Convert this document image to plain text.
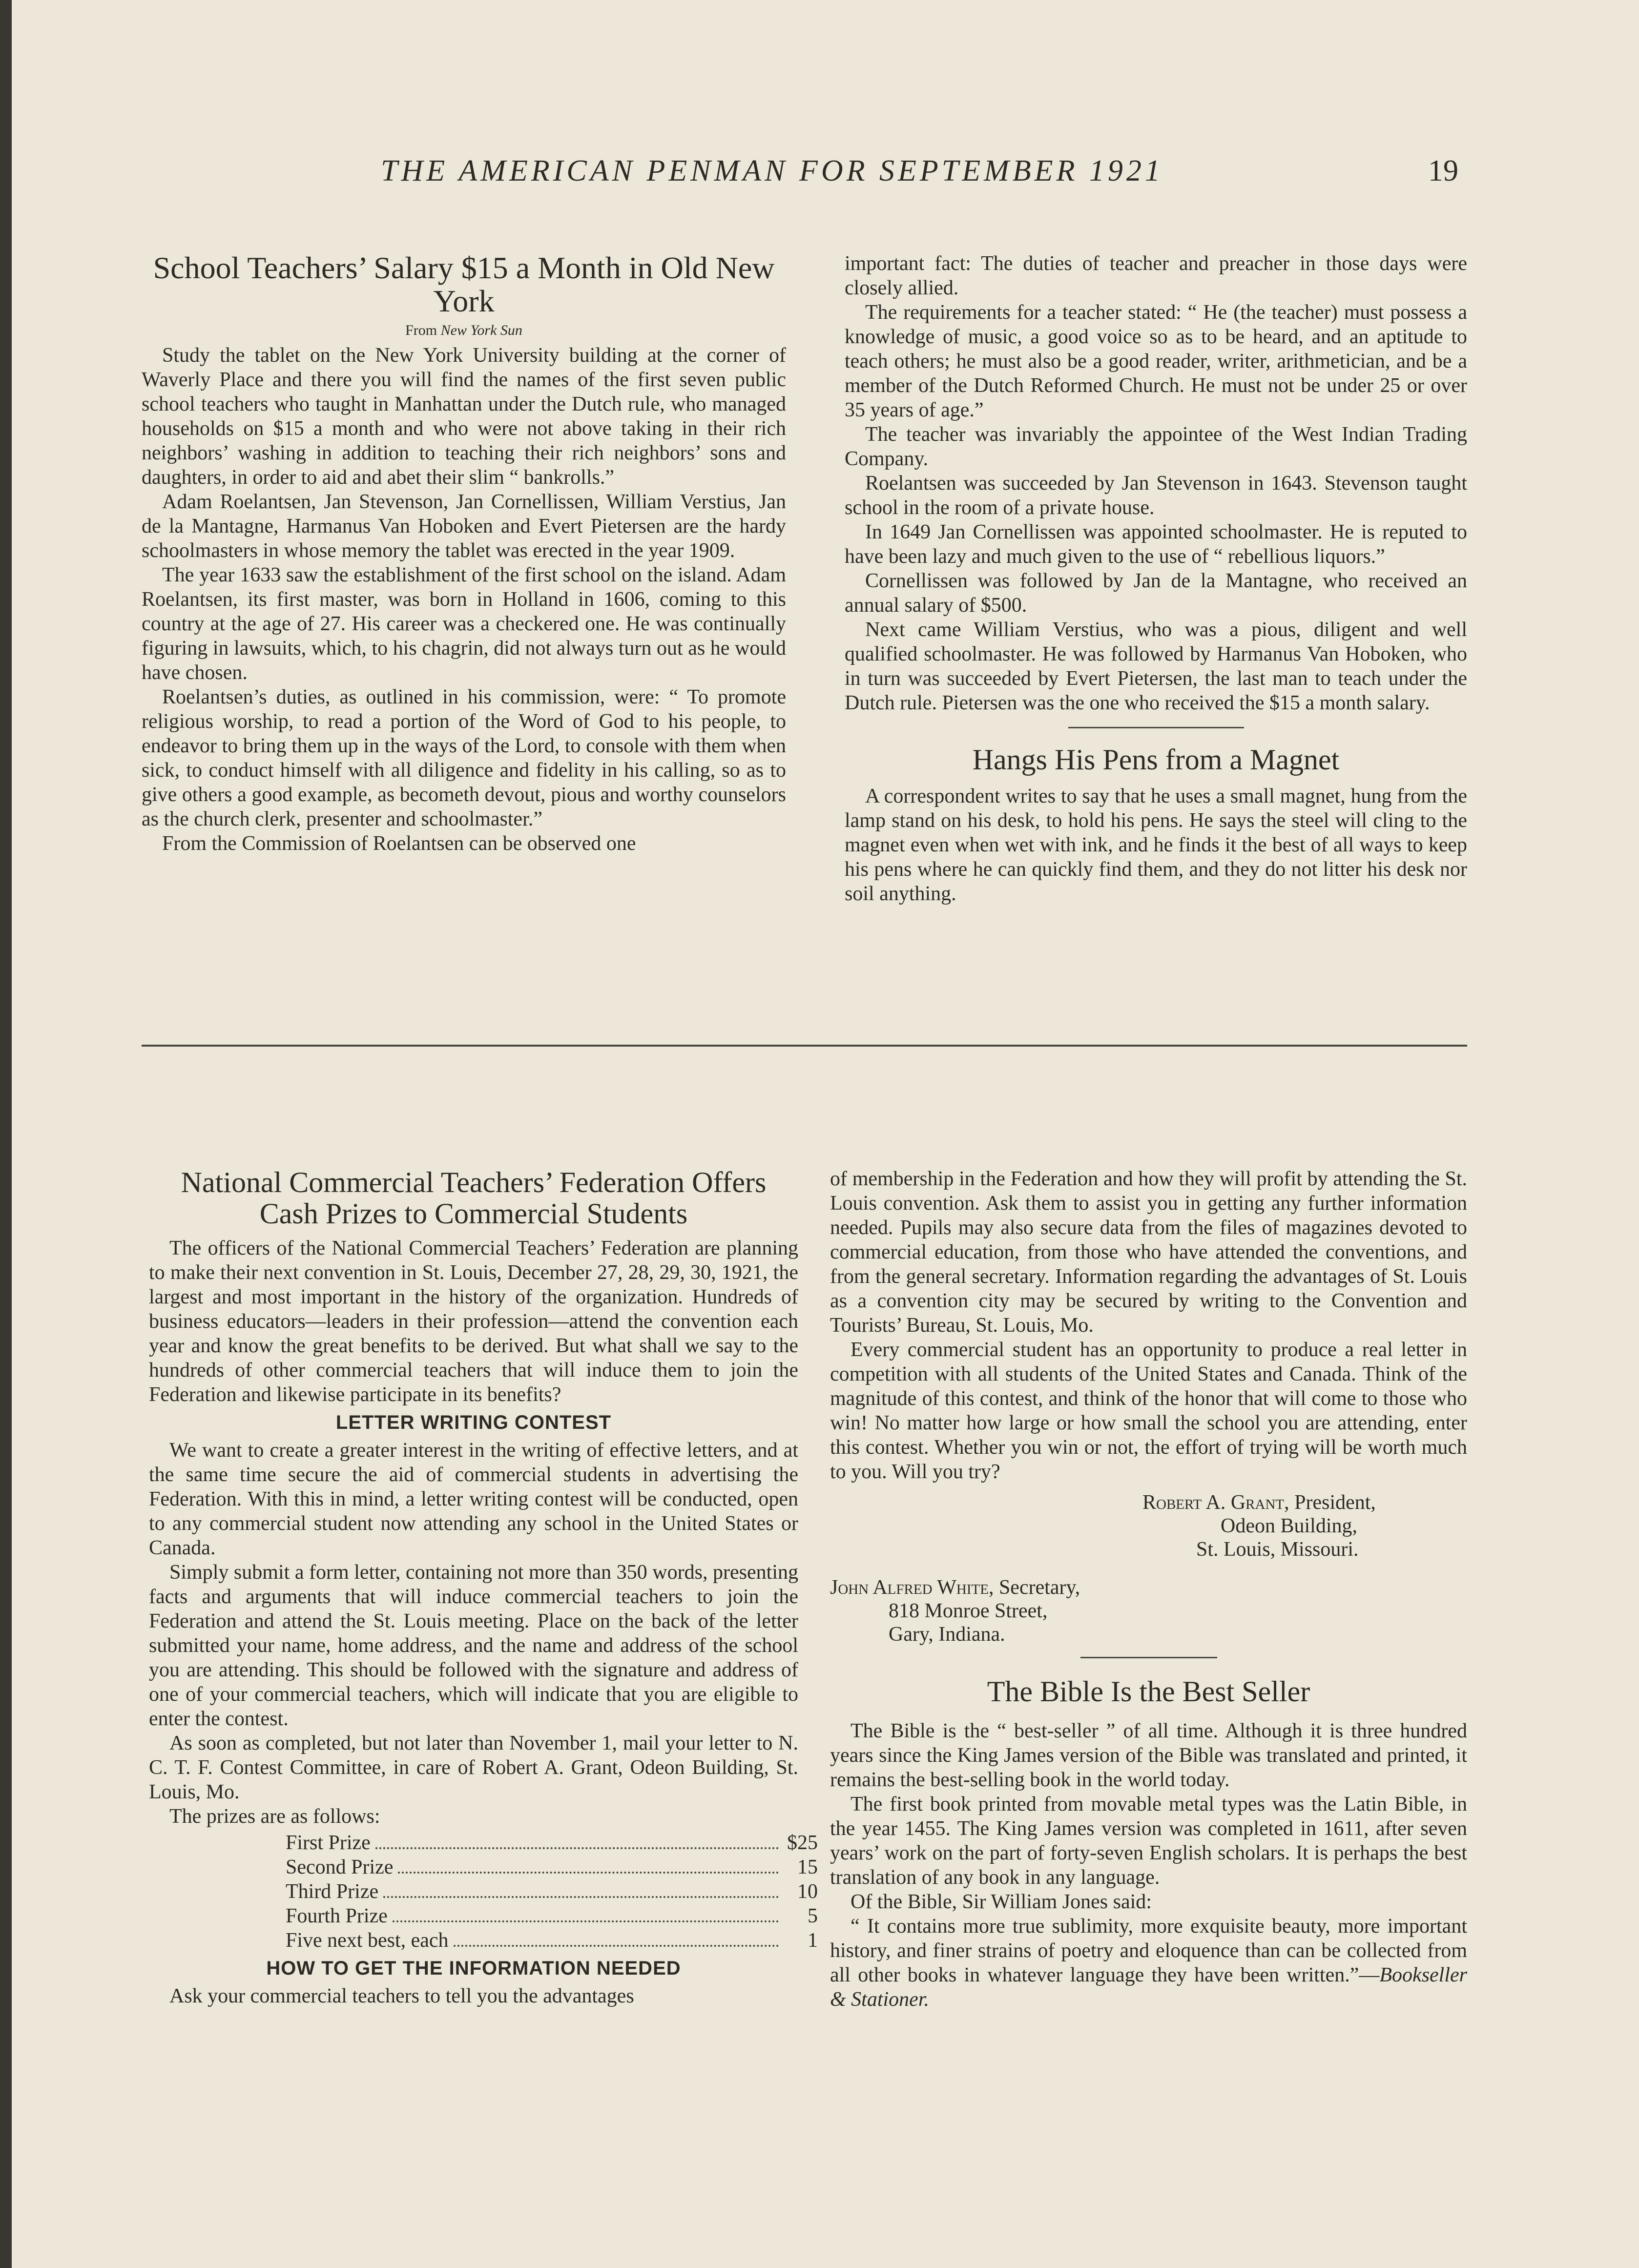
THE AMERICAN PENMAN FOR SEPTEMBER 1921	19
School Teachers’ Salary $15 a Month in Old New York
From New York Sun

Study the tablet on the New York University building at the corner of Waverly Place and there you will find the names of the first seven public school teachers who taught in Manhattan under the Dutch rule, who managed households on $15 a month and who were not above taking in their rich neighbors’ washing in addition to teaching their rich neighbors’ sons and daughters, in order to aid and abet their slim “ bankrolls.”

Adam Roelantsen, Jan Stevenson, Jan Cornellissen, William Verstius, Jan de la Mantagne, Harmanus Van Hoboken and Evert Pietersen are the hardy schoolmasters in whose memory the tablet was erected in the year 1909.

The year 1633 saw the establishment of the first school on the island. Adam Roelantsen, its first master, was born in Holland in 1606, coming to this country at the age of 27. His career was a checkered one. He was continually figuring in lawsuits, which, to his chagrin, did not always turn out as he would have chosen.

Roelantsen’s duties, as outlined in his commission, were: “ To promote religious worship, to read a portion of the Word of God to his people, to endeavor to bring them up in the ways of the Lord, to console with them when sick, to conduct himself with all diligence and fidelity in his calling, so as to give others a good example, as becometh devout, pious and worthy counselors as the church clerk, presenter and schoolmaster.”

From the Commission of Roelantsen can be observed one

important fact: The duties of teacher and preacher in those days were closely allied.

The requirements for a teacher stated: “ He (the teacher) must possess a knowledge of music, a good voice so as to be heard, and an aptitude to teach others; he must also be a good reader, writer, arithmetician, and be a member of the Dutch Reformed Church. He must not be under 25 or over 35 years of age.”

The teacher was invariably the appointee of the West Indian Trading Company.

Roelantsen was succeeded by Jan Stevenson in 1643. Stevenson taught school in the room of a private house.

In 1649 Jan Cornellissen was appointed schoolmaster. He is reputed to have been lazy and much given to the use of “ rebellious liquors.”

Cornellissen was followed by Jan de la Mantagne, who received an annual salary of $500.

Next came William Verstius, who was a pious, diligent and well qualified schoolmaster. He was followed by Harmanus Van Hoboken, who in turn was succeeded by Evert Pietersen, the last man to teach under the Dutch rule. Pietersen was the one who received the $15 a month salary.

Hangs His Pens from a Magnet

A correspondent writes to say that he uses a small magnet, hung from the lamp stand on his desk, to hold his pens. He says the steel will cling to the magnet even when wet with ink, and he finds it the best of all ways to keep his pens where he can quickly find them, and they do not litter his desk nor soil anything.

National Commercial Teachers’ Federation Offers Cash Prizes to Commercial Students

The officers of the National Commercial Teachers’ Federation are planning to make their next convention in St. Louis, December 27, 28, 29, 30, 1921, the largest and most important in the history of the organization. Hundreds of business educators—leaders in their profession—attend the convention each year and know the great benefits to be derived. But what shall we say to the hundreds of other commercial teachers that will induce them to join the Federation and likewise participate in its benefits?

LETTER WRITING CONTEST

We want to create a greater interest in the writing of effective letters, and at the same time secure the aid of commercial students in advertising the Federation. With this in mind, a letter writing contest will be conducted, open to any commercial student now attending any school in the United States or Canada.

Simply submit a form letter, containing not more than 350 words, presenting facts and arguments that will induce commercial teachers to join the Federation and attend the St. Louis meeting. Place on the back of the letter submitted your name, home address, and the name and address of the school you are attending. This should be followed with the signature and address of one of your commercial teachers, which will indicate that you are eligible to enter the contest.

As soon as completed, but not later than November 1, mail your letter to N. C. T. F. Contest Committee, in care of Robert A. Grant, Odeon Building, St. Louis, Mo.

The prizes are as follows:

First Prize	$25
Second Prize	15
Third Prize	10
Fourth Prize	5
Five next best, each	1
HOW TO GET THE INFORMATION NEEDED

Ask your commercial teachers to tell you the advantages

of membership in the Federation and how they will profit by attending the St. Louis convention. Ask them to assist you in getting any further information needed. Pupils may also secure data from the files of magazines devoted to commercial education, from those who have attended the conventions, and from the general secretary. Information regarding the advantages of St. Louis as a convention city may be secured by writing to the Convention and Tourists’ Bureau, St. Louis, Mo.

Every commercial student has an opportunity to produce a real letter in competition with all students of the United States and Canada. Think of the magnitude of this contest, and think of the honor that will come to those who win! No matter how large or how small the school you are attending, enter this contest. Whether you win or not, the effort of trying will be worth much to you. Will you try?

Robert A. Grant, President,
Odeon Building,
St. Louis, Missouri.
John Alfred White, Secretary,
818 Monroe Street,
Gary, Indiana.
The Bible Is the Best Seller

The Bible is the “ best-seller ” of all time. Although it is three hundred years since the King James version of the Bible was translated and printed, it remains the best-selling book in the world today.

The first book printed from movable metal types was the Latin Bible, in the year 1455. The King James version was completed in 1611, after seven years’ work on the part of forty-seven English scholars. It is perhaps the best translation of any book in any language.

Of the Bible, Sir William Jones said:

“ It contains more true sublimity, more exquisite beauty, more important history, and finer strains of poetry and eloquence than can be collected from all other books in whatever language they have been written.”—Bookseller & Stationer.
